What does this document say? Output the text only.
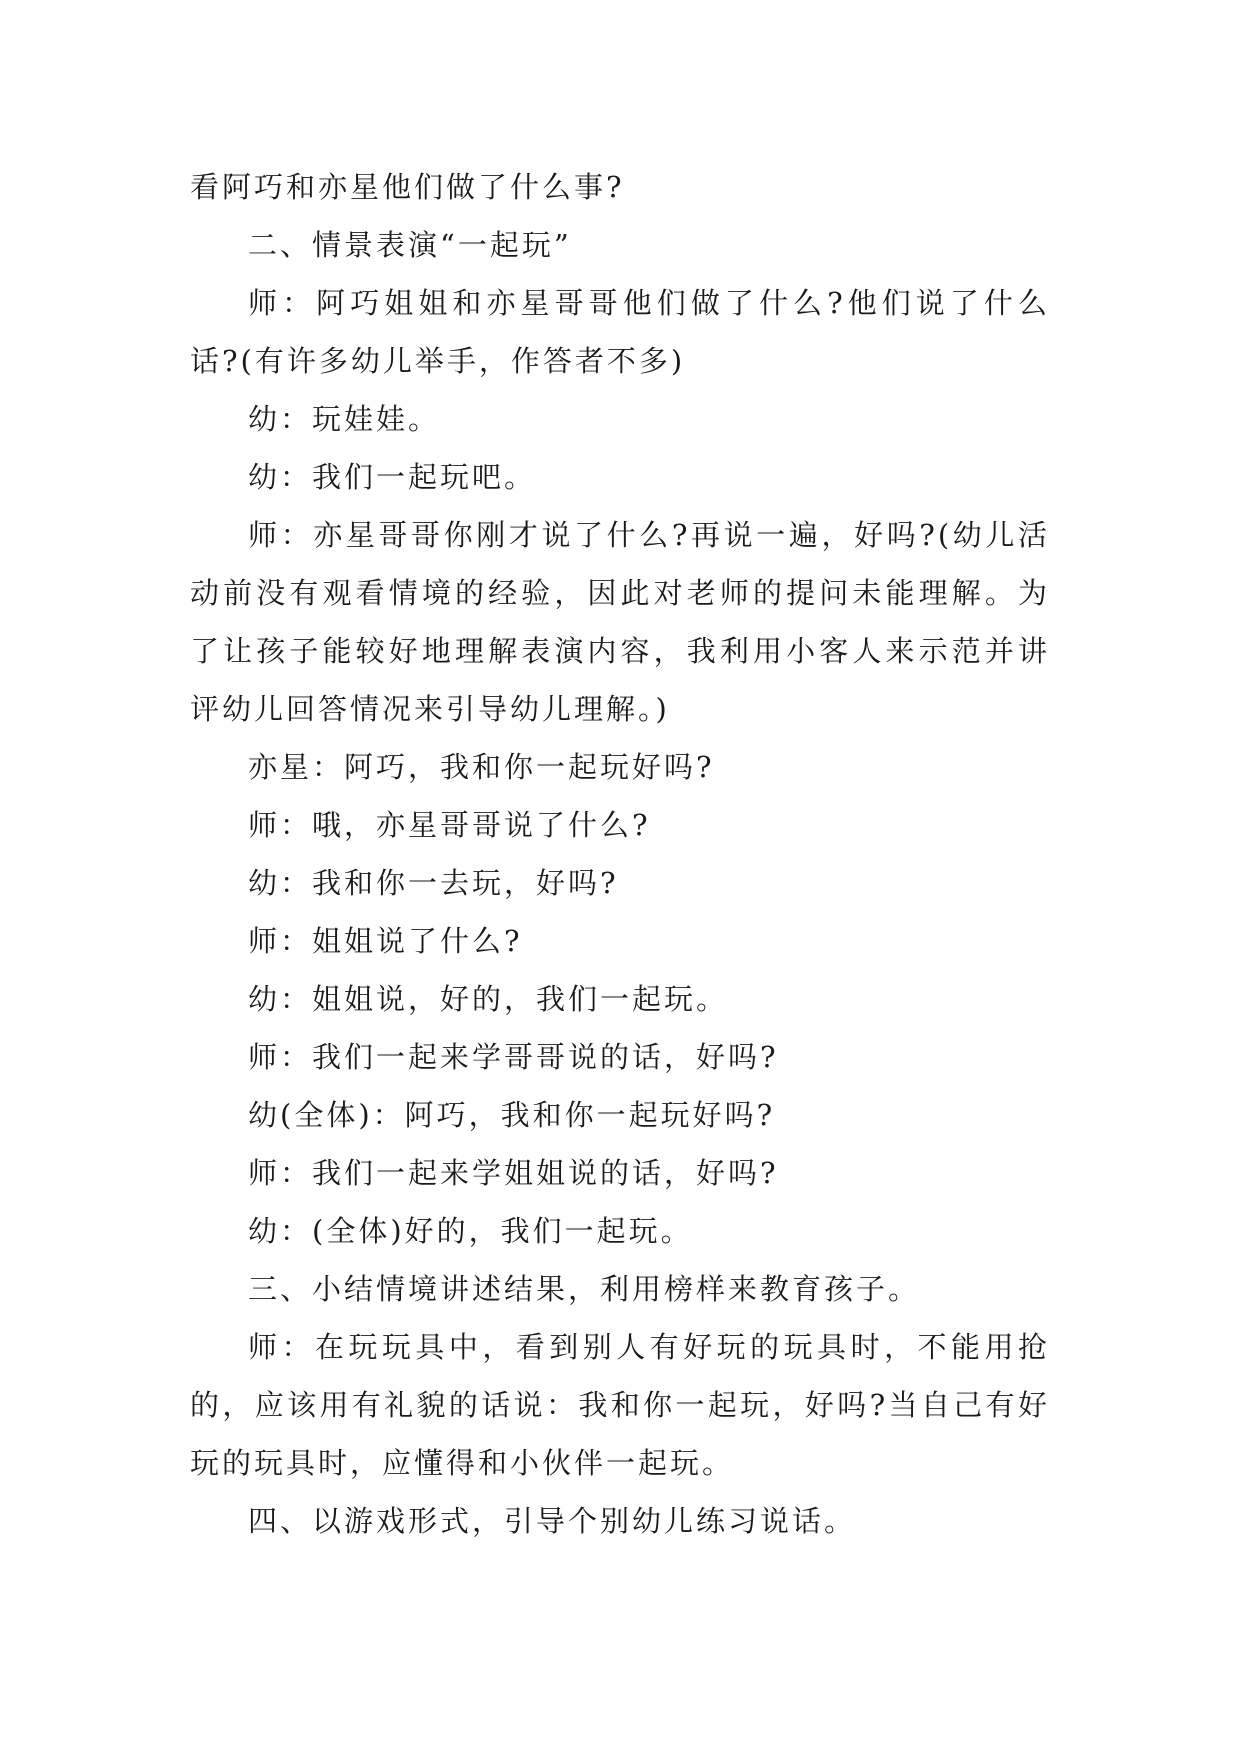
看阿巧和亦星他们做了什么事?

二、情景表演“一起玩”

师：阿巧姐姐和亦星哥哥他们做了什么?他们说了什么话?(有许多幼儿举手，作答者不多)

幼：玩娃娃。

幼：我们一起玩吧。

师：亦星哥哥你刚才说了什么?再说一遍，好吗?(幼儿活动前没有观看情境的经验，因此对老师的提问未能理解。为了让孩子能较好地理解表演内容，我利用小客人来示范并讲评幼儿回答情况来引导幼儿理解。)

亦星：阿巧，我和你一起玩好吗?

师：哦，亦星哥哥说了什么?

幼：我和你一去玩，好吗?

师：姐姐说了什么?

幼：姐姐说，好的，我们一起玩。

师：我们一起来学哥哥说的话，好吗?

幼(全体)：阿巧，我和你一起玩好吗?

师：我们一起来学姐姐说的话，好吗?

幼：(全体)好的，我们一起玩。

三、小结情境讲述结果，利用榜样来教育孩子。

师：在玩玩具中，看到别人有好玩的玩具时，不能用抢的，应该用有礼貌的话说：我和你一起玩，好吗?当自己有好玩的玩具时，应懂得和小伙伴一起玩。

四、以游戏形式，引导个别幼儿练习说话。
